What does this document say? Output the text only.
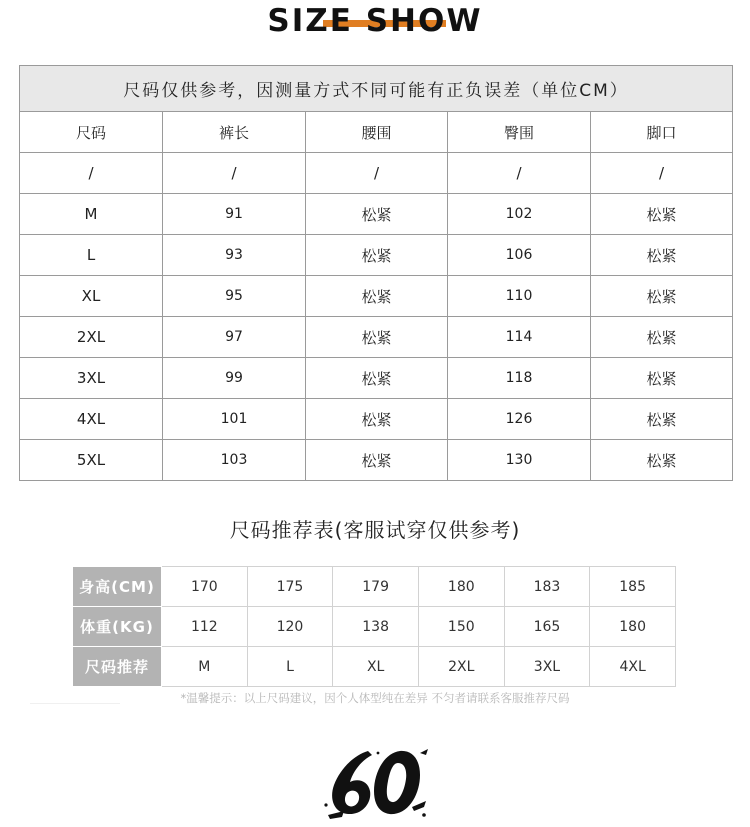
SIZE SHOW
尺码仅供参考，因测量方式不同可能有正负误差（单位CM）				
尺码	裤长	腰围	臀围	脚口
/	/	/	/	/
M	91	松紧	102	松紧
L	93	松紧	106	松紧
XL	95	松紧	110	松紧
2XL	97	松紧	114	松紧
3XL	99	松紧	118	松紧
4XL	101	松紧	126	松紧
5XL	103	松紧	130	松紧
尺码推荐表(客服试穿仅供参考)
身高(CM)	170	175	179	180	183	185
体重(KG)	112	120	138	150	165	180
尺码推荐	M	L	XL	2XL	3XL	4XL
*温馨提示：以上尺码建议，因个人体型纯在差异 不匀者请联系客服推荐尺码
